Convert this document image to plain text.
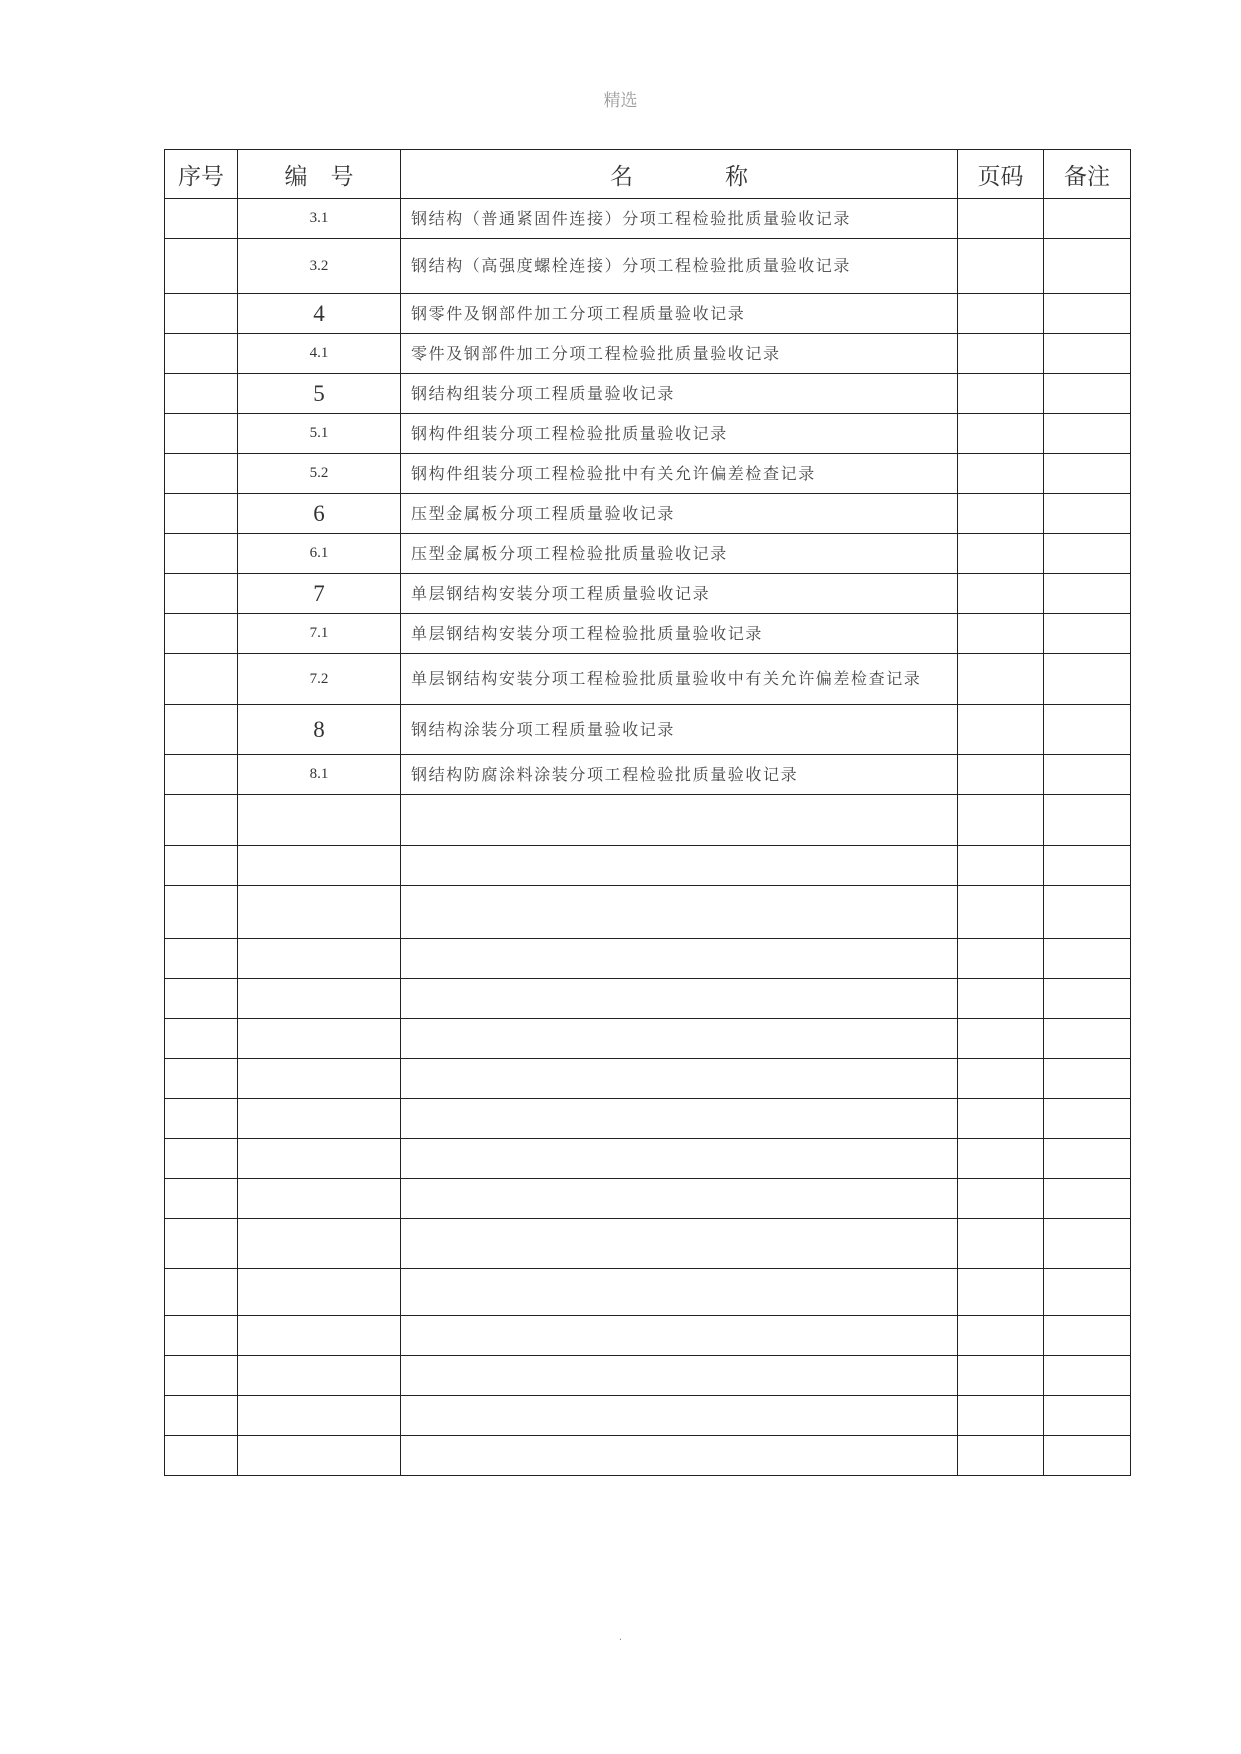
精选
序号	编　号	名　　　　称	页码	备注
	3.1	钢结构（普通紧固件连接）分项工程检验批质量验收记录		
	3.2	钢结构（高强度螺栓连接）分项工程检验批质量验收记录		
	4	钢零件及钢部件加工分项工程质量验收记录		
	4.1	零件及钢部件加工分项工程检验批质量验收记录		
	5	钢结构组装分项工程质量验收记录		
	5.1	钢构件组装分项工程检验批质量验收记录		
	5.2	钢构件组装分项工程检验批中有关允许偏差检查记录		
	6	压型金属板分项工程质量验收记录		
	6.1	压型金属板分项工程检验批质量验收记录		
	7	单层钢结构安装分项工程质量验收记录		
	7.1	单层钢结构安装分项工程检验批质量验收记录		
	7.2	单层钢结构安装分项工程检验批质量验收中有关允许偏差检查记录		
	8	钢结构涂装分项工程质量验收记录		
	8.1	钢结构防腐涂料涂装分项工程检验批质量验收记录		

.
